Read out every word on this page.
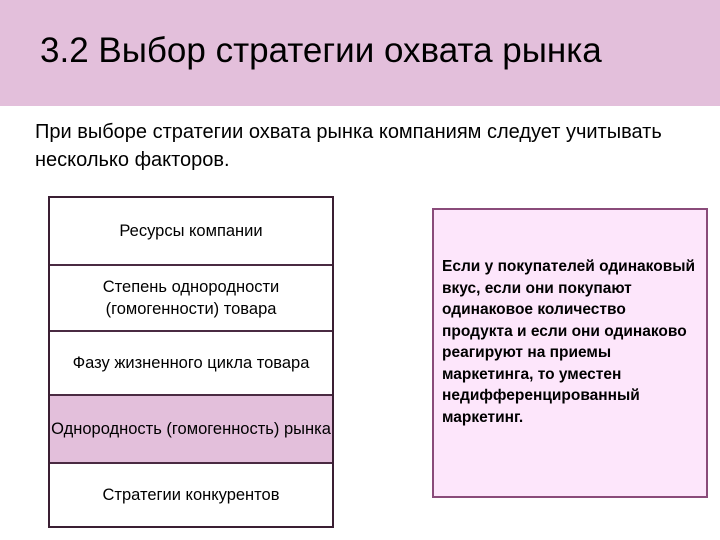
3.2 Выбор стратегии охвата рынка
При выборе стратегии охвата рынка компаниям следует учитывать несколько факторов.
Ресурсы компании
Степень однородности (гомогенности) товара
Фазу жизненного цикла товара
Однородность (гомогенность) рынка
Стратегии конкурентов
Если у покупателей одинаковый вкус, если они покупают одинаковое количество продукта и если они одинаково реагируют на приемы маркетинга, то уместен недифференцированный маркетинг.
